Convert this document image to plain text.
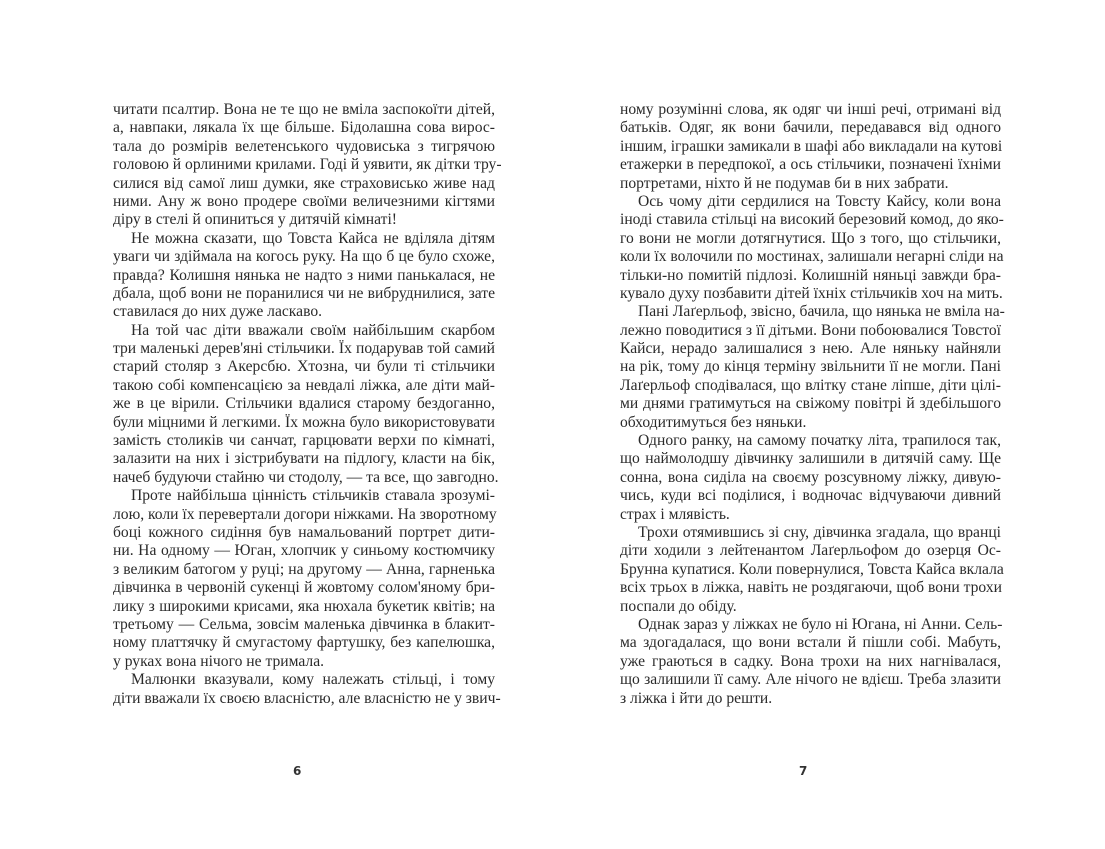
читати псалтир. Вона не те що не вміла заспокоїти дітей,
а, навпаки, лякала їх ще більше. Бідолашна сова вирос-
тала до розмірів велетенського чудовиська з тигрячою
головою й орлиними крилами. Годі й уявити, як дітки тру-
силися від самої лиш думки, яке страховисько живе над
ними. Ану ж воно продере своїми величезними кігтями
діру в стелі й опиниться у дитячій кімнаті!
Не можна сказати, що Товста Кайса не вділяла дітям
уваги чи здіймала на когось руку. На що б це було схоже,
правда? Колишня нянька не надто з ними панькалася, не
дбала, щоб вони не поранилися чи не вибруднилися, зате
ставилася до них дуже ласкаво.
На той час діти вважали своїм найбільшим скарбом
три маленькі дерев'яні стільчики. Їх подарував той самий
старий столяр з Акерсбю. Хтозна, чи були ті стільчики
такою собі компенсацією за невдалі ліжка, але діти май-
же в це вірили. Стільчики вдалися старому бездоганно,
були міцними й легкими. Їх можна було використовувати
замість столиків чи санчат, гарцювати верхи по кімнаті,
залазити на них і зістрибувати на підлогу, класти на бік,
начеб будуючи стайню чи стодолу, — та все, що завгодно.
Проте найбільша цінність стільчиків ставала зрозумі-
лою, коли їх перевертали догори ніжками. На зворотному
боці кожного сидіння був намальований портрет дити-
ни. На одному — Юган, хлопчик у синьому костюмчику
з великим батогом у руці; на другому — Анна, гарненька
дівчинка в червоній сукенці й жовтому солом'яному бри-
лику з широкими крисами, яка нюхала букетик квітів; на
третьому — Сельма, зовсім маленька дівчинка в блакит-
ному платтячку й смугастому фартушку, без капелюшка,
у руках вона нічого не тримала.
Малюнки вказували, кому належать стільці, і тому
діти вважали їх своєю власністю, але власністю не у звич-
ному розумінні слова, як одяг чи інші речі, отримані від
батьків. Одяг, як вони бачили, передавався від одного
іншим, іграшки замикали в шафі або викладали на кутові
етажерки в передпокої, а ось стільчики, позначені їхніми
портретами, ніхто й не подумав би в них забрати.
Ось чому діти сердилися на Товсту Кайсу, коли вона
іноді ставила стільці на високий березовий комод, до яко-
го вони не могли дотягнутися. Що з того, що стільчики,
коли їх волочили по мостинах, залишали негарні сліди на
тільки-но помитій підлозі. Колишній няньці завжди бра-
кувало духу позбавити дітей їхніх стільчиків хоч на мить.
Пані Лаґерльоф, звісно, бачила, що нянька не вміла на-
лежно поводитися з її дітьми. Вони побоювалися Товстої
Кайси, нерадо залишалися з нею. Але няньку найняли
на рік, тому до кінця терміну звільнити її не могли. Пані
Лаґерльоф сподівалася, що влітку стане ліпше, діти цілі-
ми днями гратимуться на свіжому повітрі й здебільшого
обходитимуться без няньки.
Одного ранку, на самому початку літа, трапилося так,
що наймолодшу дівчинку залишили в дитячій саму. Ще
сонна, вона сиділа на своєму розсувному ліжку, дивую-
чись, куди всі поділися, і водночас відчуваючи дивний
страх і млявість.
Трохи отямившись зі сну, дівчинка згадала, що вранці
діти ходили з лейтенантом Лаґерльофом до озерця Ос-
Брунна купатися. Коли повернулися, Товста Кайса вклала
всіх трьох в ліжка, навіть не роздягаючи, щоб вони трохи
поспали до обіду.
Однак зараз у ліжках не було ні Югана, ні Анни. Сель-
ма здогадалася, що вони встали й пішли собі. Мабуть,
уже граються в садку. Вона трохи на них нагнівалася,
що залишили її саму. Але нічого не вдієш. Треба злазити
з ліжка і йти до решти.
6	7
